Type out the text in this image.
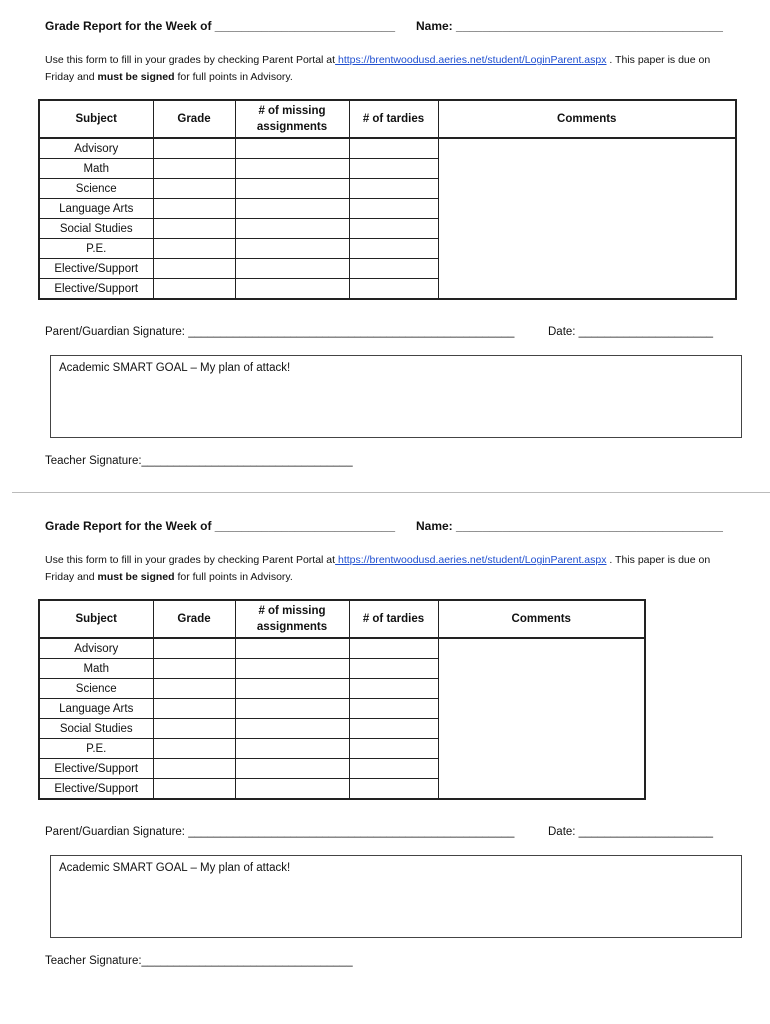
Grade Report for the Week of ___________________________ Name: ________________________________________
Use this form to fill in your grades by checking Parent Portal at https://brentwoodusd.aeries.net/student/LoginParent.aspx . This paper is due on Friday and must be signed for full points in Advisory.
Subject	Grade	# of missing assignments	# of tardies	Comments
Advisory				
Math				
Science				
Language Arts				
Social Studies				
P.E.				
Elective/Support				
Elective/Support				
Parent/Guardian Signature: ___________________________________________________	Date: _____________________
Academic SMART GOAL – My plan of attack!
Teacher Signature:_________________________________
Grade Report for the Week of ___________________________ Name: ________________________________________
Use this form to fill in your grades by checking Parent Portal at https://brentwoodusd.aeries.net/student/LoginParent.aspx . This paper is due on Friday and must be signed for full points in Advisory.
Subject	Grade	# of missing assignments	# of tardies	Comments
Advisory				
Math				
Science				
Language Arts				
Social Studies				
P.E.				
Elective/Support				
Elective/Support				
Parent/Guardian Signature: ___________________________________________________	Date: _____________________
Academic SMART GOAL – My plan of attack!
Teacher Signature:_________________________________
